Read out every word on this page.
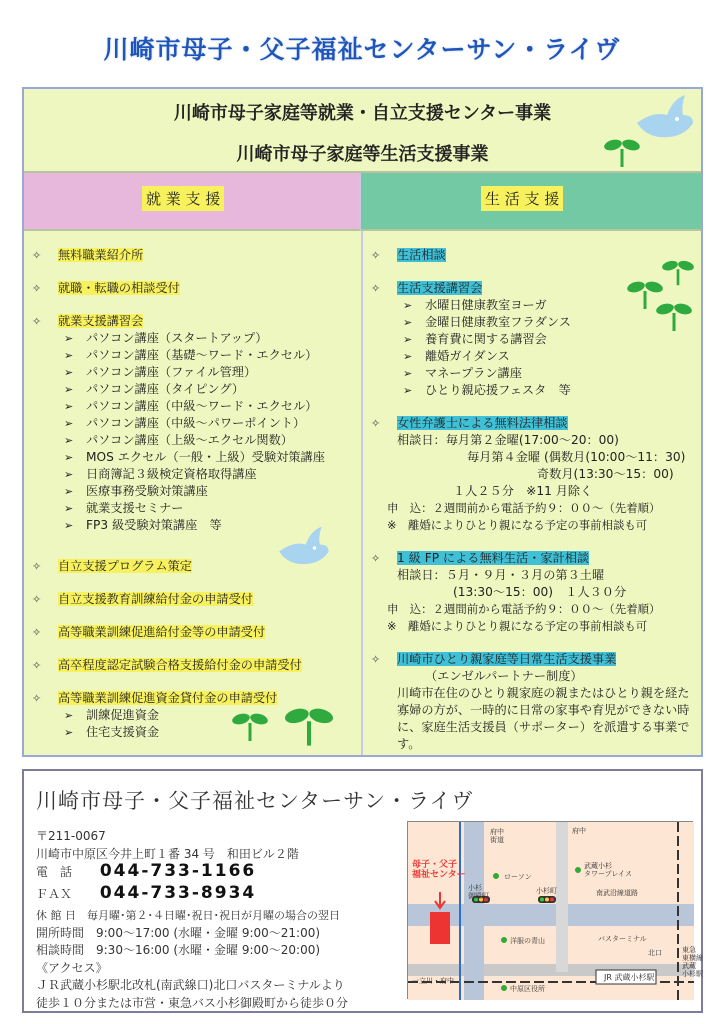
川崎市母子・父子福祉センターサン・ライヴ
川崎市母子家庭等就業・自立支援センター事業
川崎市母子家庭等生活支援事業
就 業 支 援	生 活 支 援
✧ 無料職業紹介所
✧ 就職・転職の相談受付
✧ 就業支援講習会
➢ パソコン講座（スタートアップ）
➢ パソコン講座（基礎～ワード・エクセル）
➢ パソコン講座（ファイル管理）
➢ パソコン講座（タイピング）
➢ パソコン講座（中級～ワード・エクセル）
➢ パソコン講座（中級～パワーポイント）
➢ パソコン講座（上級～エクセル関数）
➢ MOS エクセル（一般・上級）受験対策講座
➢ 日商簿記３級検定資格取得講座
➢ 医療事務受験対策講座
➢ 就業支援セミナー
➢ FP3 級受験対策講座　等
✧ 自立支援プログラム策定
✧ 自立支援教育訓練給付金の申請受付
✧ 高等職業訓練促進給付金等の申請受付
✧ 高卒程度認定試験合格支援給付金の申請受付
✧ 高等職業訓練促進資金貸付金の申請受付
➢ 訓練促進資金
➢ 住宅支援資金
✧ 生活相談
✧ 生活支援講習会
➢ 水曜日健康教室ヨーガ
➢ 金曜日健康教室フラダンス
➢ 養育費に関する講習会
➢ 離婚ガイダンス
➢ マネープラン講座
➢ ひとり親応援フェスタ　等
✧ 女性弁護士による無料法律相談
相談日：毎月第２金曜(17:00～20：00)
毎月第４金曜 (偶数月(10:00～11：30)
奇数月(13:30～15：00)
１人２５分　※11 月除く
申　込：２週間前から電話予約９：００～（先着順）
※　離婚によりひとり親になる予定の事前相談も可
✧ 1 級 FP による無料生活・家計相談
相談日：５月・９月・３月の第３土曜
(13:30～15：00)　１人３０分
申　込：２週間前から電話予約９：００～（先着順）
※　離婚によりひとり親になる予定の事前相談も可
✧ 川崎市ひとり親家庭等日常生活支援事業
（エンゼルパートナー制度）
川崎市在住のひとり親家庭の親またはひとり親を経た寡婦の方が、一時的に日常の家事や育児ができない時に、家庭生活支援員（サポーター）を派遣する事業です。
川崎市母子・父子福祉センターサン・ライヴ
〒211-0067
川崎市中原区今井上町１番 34 号　和田ビル２階
電　話 044-733-1166
ＦＡＸ 044-733-8934
休 館 日　毎月曜･第２･４日曜･祝日･祝日が月曜の場合の翌日
開所時間　9:00～17:00 (水曜・金曜 9:00～21:00)
相談時間　9:30～16:00 (水曜・金曜 9:00～20:00)
《アクセス》
ＪＲ武蔵小杉駅北改札(南武線口)北口バスターミナルより
徒歩１０分または市営・東急バス小杉御殿町から徒歩０分
母子・父子
福祉センター	ローソン
武蔵小杉
タワープレイス
小杉
御殿町
小杉町	南武沿線道路
バスターミナル
洋服の青山
JR 武蔵小杉駅
中原区役所
府中
街道
北口
府中
東急
東横線
武蔵
小杉駅
一立川・府中
